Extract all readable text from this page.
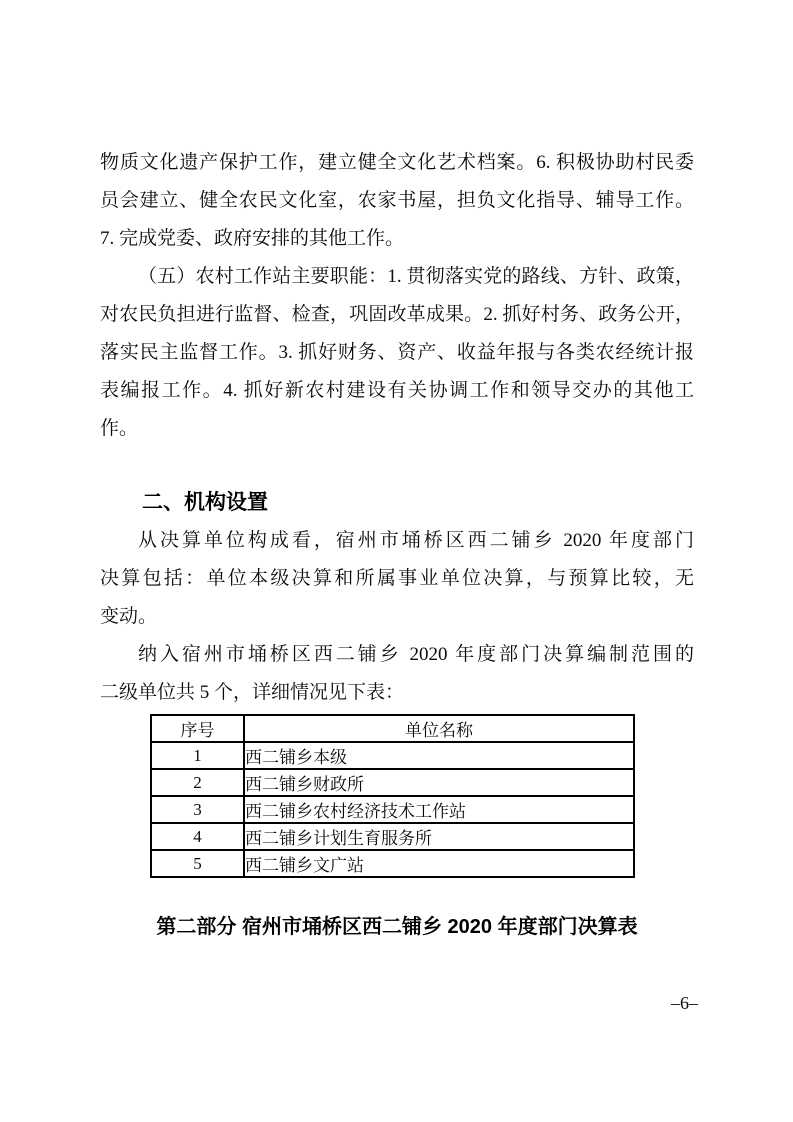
物质文化遗产保护工作，建立健全文化艺术档案。6. 积极协助村民委
员会建立、健全农民文化室，农家书屋，担负文化指导、辅导工作。
7. 完成党委、政府安排的其他工作。
（五）农村工作站主要职能：1. 贯彻落实党的路线、方针、政策，
对农民负担进行监督、检查，巩固改革成果。2. 抓好村务、政务公开，
落实民主监督工作。3. 抓好财务、资产、收益年报与各类农经统计报
表编报工作。4. 抓好新农村建设有关协调工作和领导交办的其他工
作。
二、机构设置
从决算单位构成看，宿州市埇桥区西二铺乡 2020 年度部门
决算包括：单位本级决算和所属事业单位决算，与预算比较，无
变动。
纳入宿州市埇桥区西二铺乡 2020 年度部门决算编制范围的
二级单位共 5 个，详细情况见下表：
序号	单位名称
1	西二铺乡本级
2	西二铺乡财政所
3	西二铺乡农村经济技术工作站
4	西二铺乡计划生育服务所
5	西二铺乡文广站
第二部分 宿州市埇桥区西二铺乡 2020 年度部门决算表
–6–
